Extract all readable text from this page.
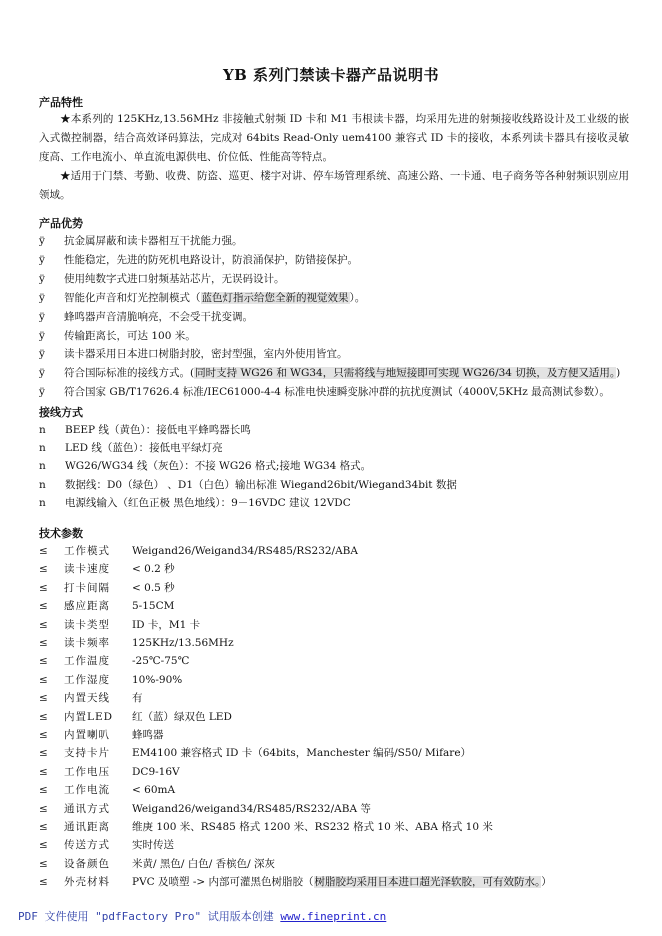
YB 系列门禁读卡器产品说明书
产品特性
★本系列的 125KHz,13.56MHz 非接触式射频 ID 卡和 M1 韦根读卡器，均采用先进的射频接收线路设计及工业级的嵌入式微控制器，结合高效译码算法，完成对 64bits Read-Only uem4100 兼容式 ID 卡的接收，本系列读卡器具有接收灵敏度高、工作电流小、单直流电源供电、价位低、性能高等特点。
★适用于门禁、考勤、收费、防盗、巡更、楼宇对讲、停车场管理系统、高速公路、一卡通、电子商务等各种射频识别应用领域。
产品优势
ÿ	抗金属屏蔽和读卡器相互干扰能力强。
ÿ	性能稳定，先进的防死机电路设计，防浪涌保护，防错接保护。
ÿ	使用纯数字式进口射频基站芯片，无误码设计。
ÿ	智能化声音和灯光控制模式（蓝色灯指示给您全新的视觉效果）。
ÿ	蜂鸣器声音清脆响亮，不会受干扰变调。
ÿ	传输距离长，可达 100 米。
ÿ	读卡器采用日本进口树脂封胶，密封型强，室内外使用皆宜。
ÿ	符合国际标准的接线方式。(同时支持 WG26 和 WG34，只需将线与地短接即可实现 WG26/34 切换，及方便又适用。)
ÿ	符合国家 GB/T17626.4 标准/IEC61000-4-4 标准电快速瞬变脉冲群的抗扰度测试（4000V,5KHz 最高测试参数）。
接线方式
n	BEEP 线（黄色）：接低电平蜂鸣器长鸣
n	LED 线（蓝色）：接低电平绿灯亮
n	WG26/WG34 线（灰色）：不接 WG26 格式;接地 WG34 格式。
n	数据线：D0（绿色） 、D1（白色）输出标准 Wiegand26bit/Wiegand34bit 数据
n	电源线输入（红色正极 黑色地线）：9－16VDC 建议 12VDC
技术参数
≤	工作模式	Weigand26/Weigand34/RS485/RS232/ABA
≤	读卡速度	< 0.2 秒
≤	打卡间隔	< 0.5 秒
≤	感应距离	5-15CM
≤	读卡类型	ID 卡，M1 卡
≤	读卡频率	125KHz/13.56MHz
≤	工作温度	-25℃-75℃
≤	工作湿度	10%-90%
≤	内置天线	有
≤	内置LED	红（蓝）绿双色 LED
≤	内置喇叭	蜂鸣器
≤	支持卡片	EM4100 兼容格式 ID 卡（64bits，Manchester 编码/S50/ Mifare）
≤	工作电压	DC9-16V
≤	工作电流	< 60mA
≤	通讯方式	Weigand26/weigand34/RS485/RS232/ABA 等
≤	通讯距离	维庚 100 米、RS485 格式 1200 米、RS232 格式 10 米、ABA 格式 10 米
≤	传送方式	实时传送
≤	设备颜色	米黄/ 黑色/ 白色/ 香槟色/ 深灰
≤	外壳材料	PVC 及喷塑 -> 内部可灌黑色树脂胶（树脂胶均采用日本进口超光泽软胶，可有效防水。）
PDF 文件使用 "pdfFactory Pro" 试用版本创建 www.fineprint.cn
